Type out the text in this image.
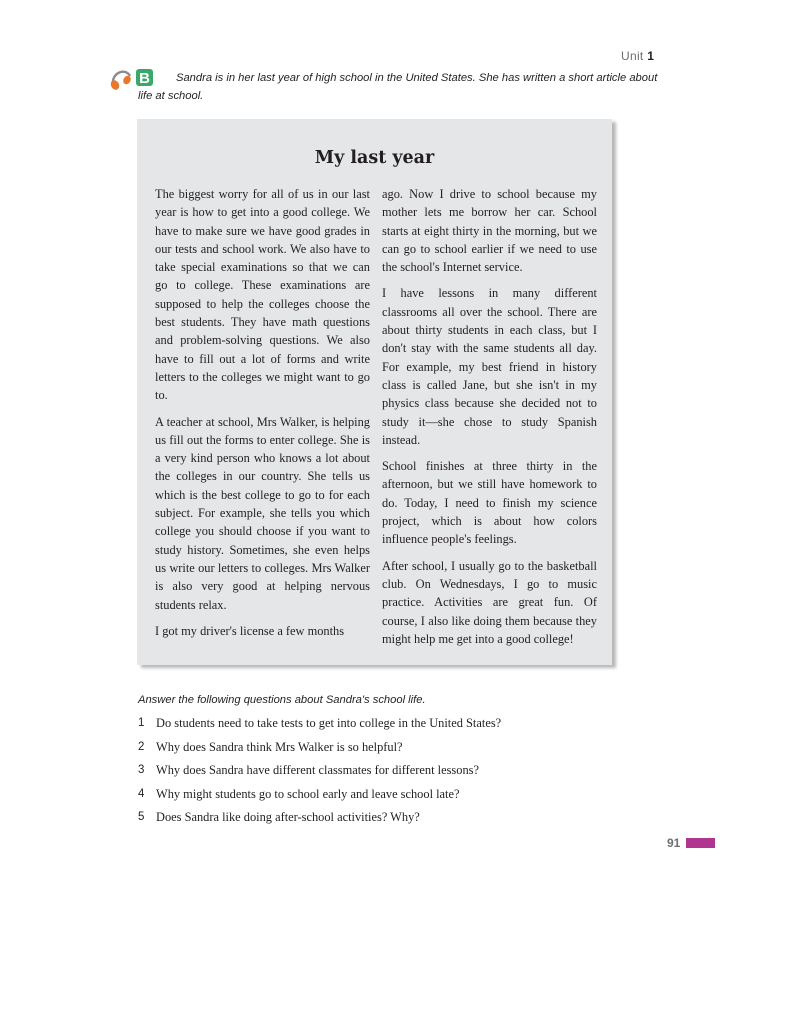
Unit 1
B	Sandra is in her last year of high school in the United States. She has written a short article about life at school.
My last year

The biggest worry for all of us in our last year is how to get into a good college. We have to make sure we have good grades in our tests and school work. We also have to take special examinations so that we can go to college. These examinations are supposed to help the colleges choose the best students. They have math questions and problem-solving questions. We also have to fill out a lot of forms and write letters to the colleges we might want to go to.

A teacher at school, Mrs Walker, is helping us fill out the forms to enter college. She is a very kind person who knows a lot about the colleges in our country. She tells us which is the best college to go to for each subject. For example, she tells you which college you should choose if you want to study history. Sometimes, she even helps us write our letters to colleges. Mrs Walker is also very good at helping nervous students relax.

I got my driver's license a few months

ago. Now I drive to school because my mother lets me borrow her car. School starts at eight thirty in the morning, but we can go to school earlier if we need to use the school's Internet service.

I have lessons in many different classrooms all over the school. There are about thirty students in each class, but I don't stay with the same students all day. For example, my best friend in history class is called Jane, but she isn't in my physics class because she decided not to study it—she chose to study Spanish instead.

School finishes at three thirty in the afternoon, but we still have homework to do. Today, I need to finish my science project, which is about how colors influence people's feelings.

After school, I usually go to the basketball club. On Wednesdays, I go to music practice. Activities are great fun. Of course, I also like doing them because they might help me get into a good college!

Answer the following questions about Sandra's school life.
1 Do students need to take tests to get into college in the United States?
2 Why does Sandra think Mrs Walker is so helpful?
3 Why does Sandra have different classmates for different lessons?
4 Why might students go to school early and leave school late?
5 Does Sandra like doing after-school activities? Why?
91
